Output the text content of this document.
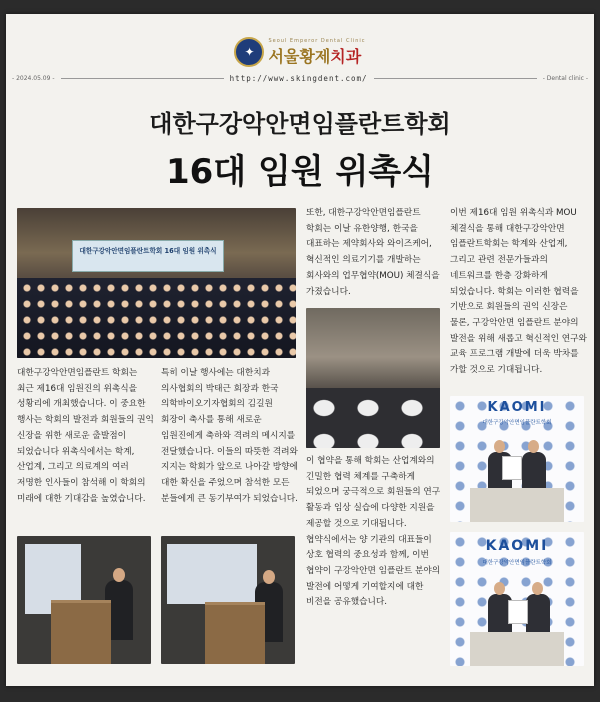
✦
Seoul Emperor Dental Clinic
서울황제치과
- 2024.05.09 -	http://www.skingdent.com/	- Dental clinic -
대한구강악안면임플란트학회
16대 임원 위촉식
대한구강악안면임플란트학회 16대 임원 위촉식

대한구강악안면임플란트 학회는 최근 제16대 임원진의 위촉식을 성황리에 개최했습니다. 이 중요한 행사는 학회의 발전과 회원들의 권익 신장을 위한 새로운 출발점이 되었습니다 위촉식에서는 학계, 산업계, 그리고 의료계의 여러 저명한 인사들이 참석해 이 학회의 미래에 대한 기대감을 높였습니다.

특히 이날 행사에는 대한치과 의사협회의 박태근 회장과 한국 의학바이오기자협회의 김길원 회장이 축사를 통해 새로운 임원진에게 축하와 격려의 메시지를 전달했습니다. 이들의 따뜻한 격려와 지지는 학회가 앞으로 나아갈 방향에 대한 확신을 주었으며 참석한 모든 분들에게 큰 동기부여가 되었습니다.

또한, 대한구강악안면임플란트 학회는 이날 유한양행, 한국을 대표하는 제약회사와 와이즈케어, 혁신적인 의료기기를 개발하는 회사와의 업무협약(MOU) 체결식을 가졌습니다.

이 협약을 통해 학회는 산업계와의 긴밀한 협력 체계를 구축하게 되었으며 궁극적으로 회원들의 연구 활동과 임상 실습에 다양한 지원을 제공할 것으로 기대됩니다. 협약식에서는 양 기관의 대표들이 상호 협력의 중요성과 함께, 이번 협약이 구강악안면 임플란트 분야의 발전에 어떻게 기여할지에 대한 비전을 공유했습니다.

이번 제16대 임원 위촉식과 MOU 체결식을 통해 대한구강악안면 임플란트학회는 학계와 산업계, 그리고 관련 전문가들과의 네트워크를 한층 강화하게 되었습니다. 학회는 이러한 협력을 기반으로 회원들의 권익 신장은 물론, 구강악안면 임플란트 분야의 발전을 위해 새롭고 혁신적인 연구와 교육 프로그램 개발에 더욱 박차를 가할 것으로 기대됩니다.

KAOMI
대한구강악안면임플란트학회
KAOMI
대한구강악안면임플란트학회
